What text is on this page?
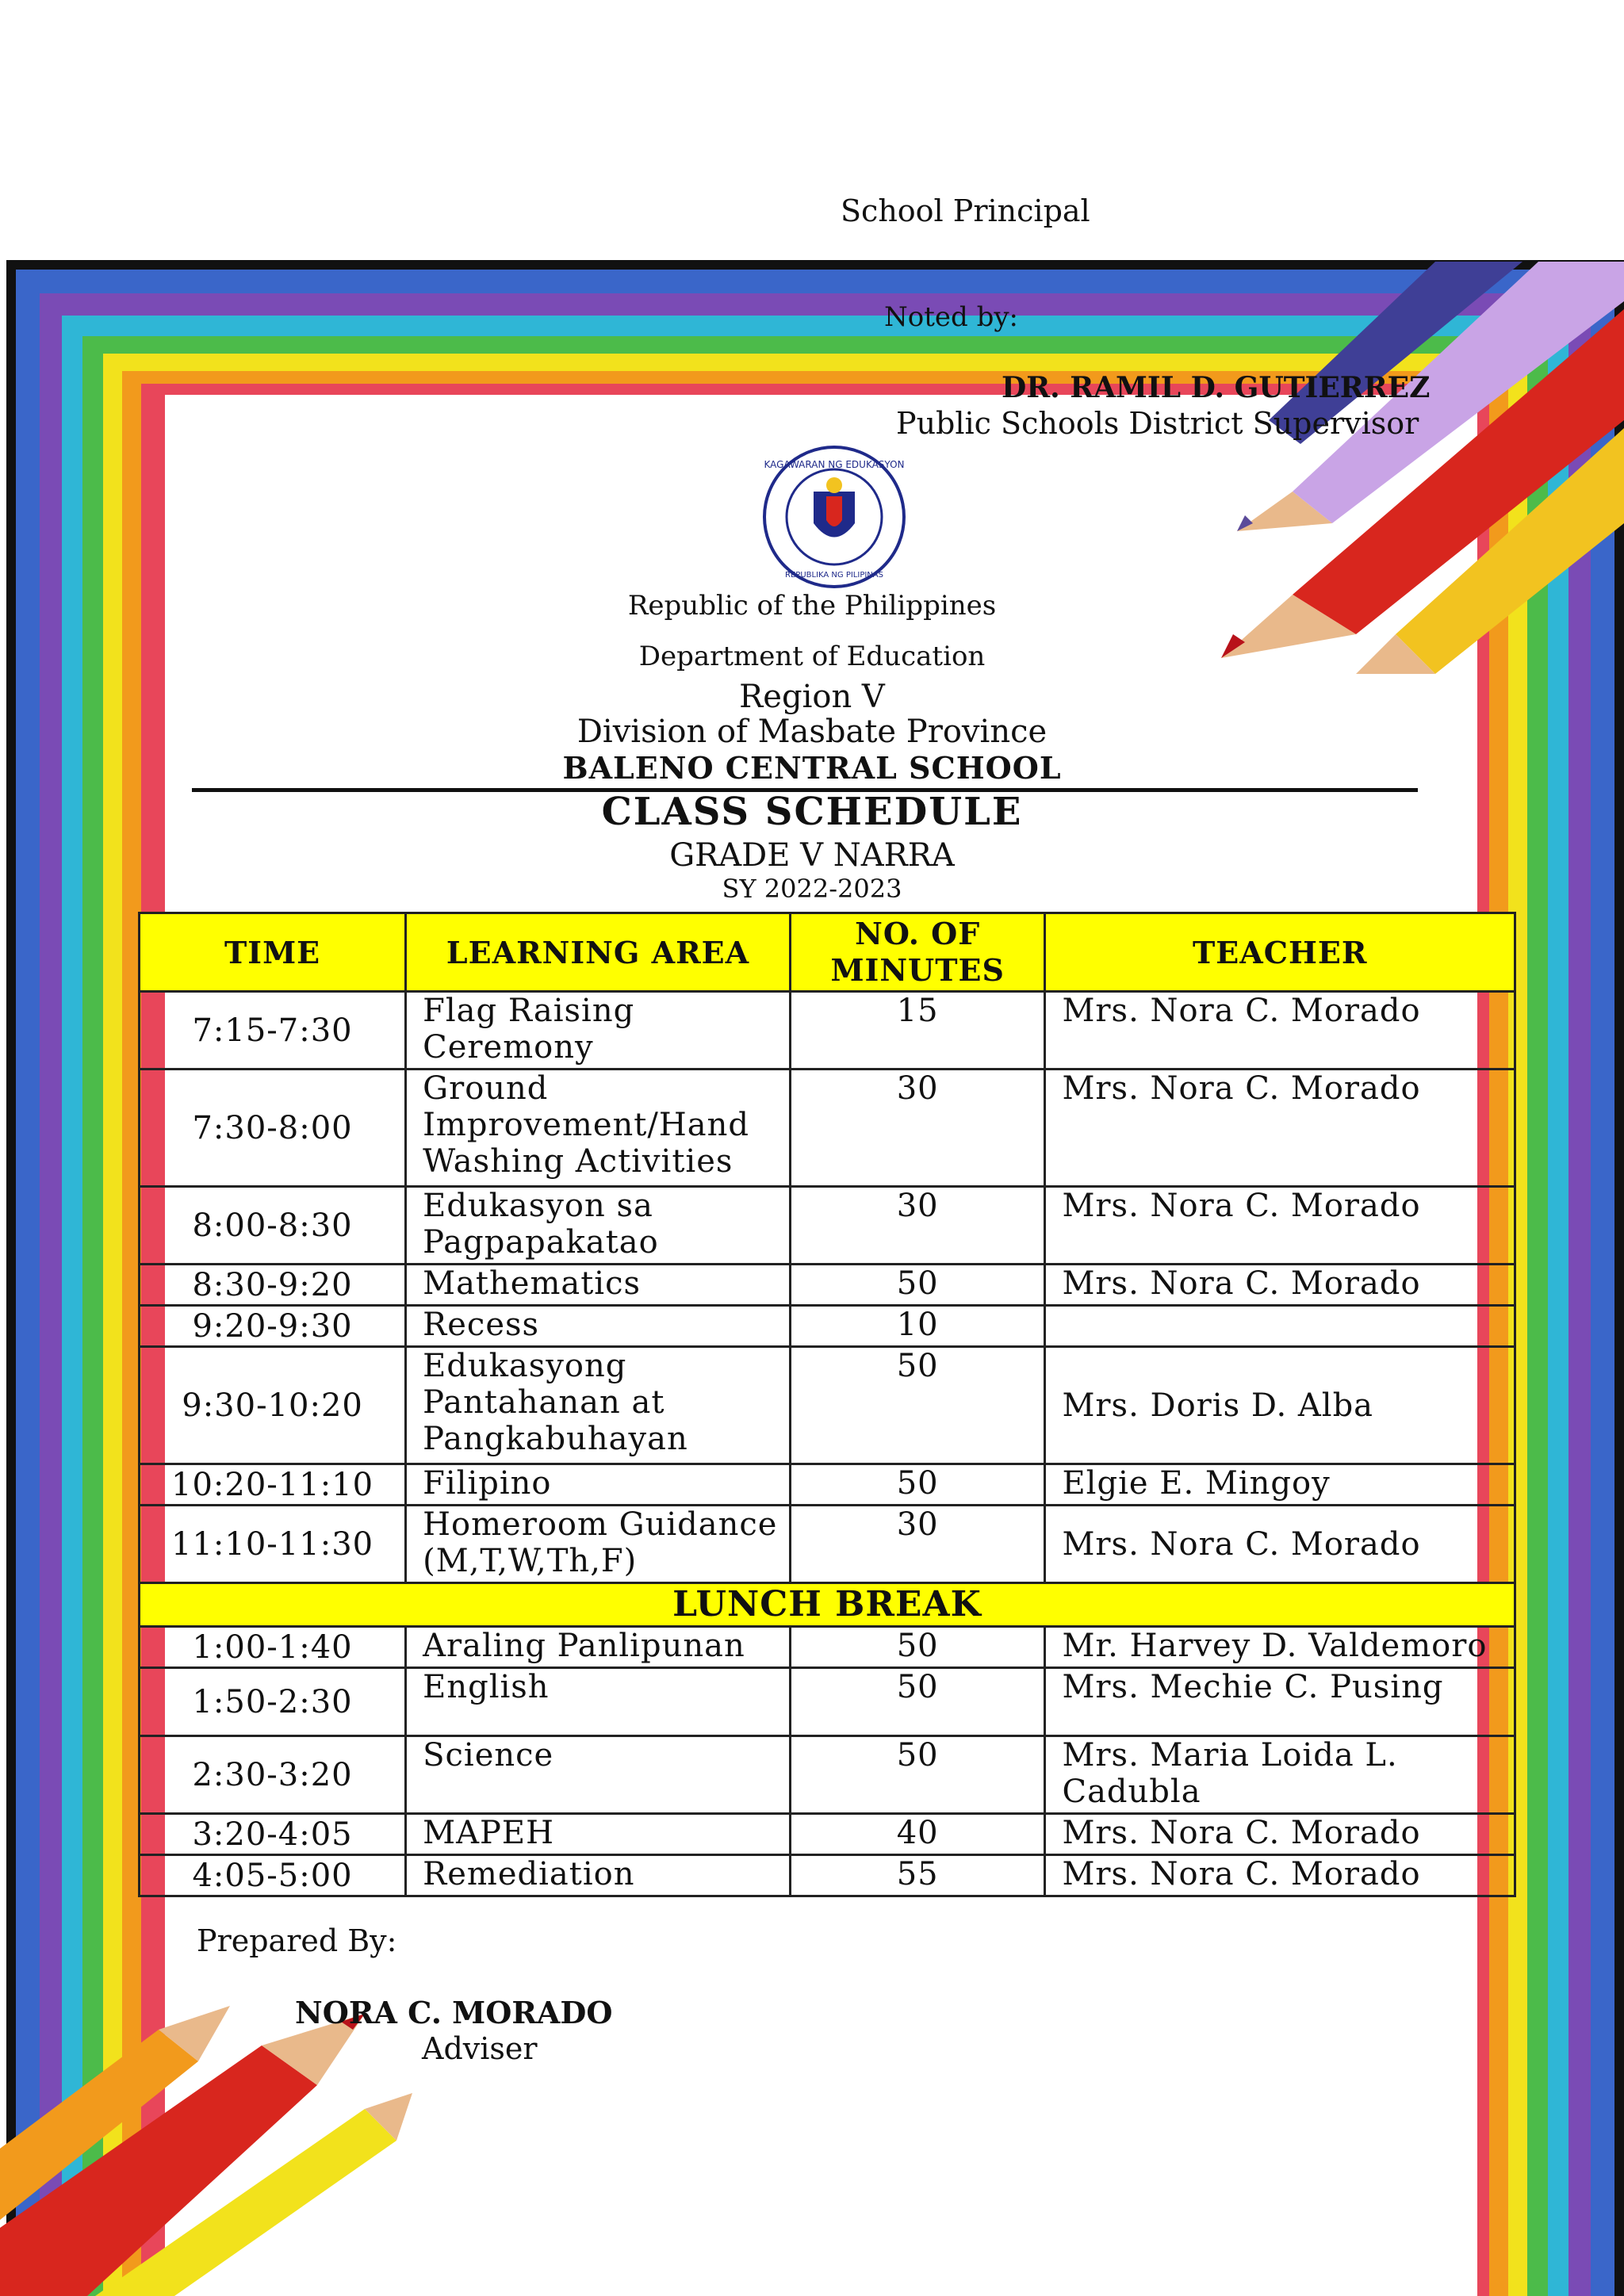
School Principal
Noted by:
DR. RAMIL D. GUTIERREZ
Public Schools District Supervisor
KAGAWARAN NG EDUKASYON
REPUBLIKA NG PILIPINAS
Republic of the Philippines
Department of Education
Region V
Division of Masbate Province
BALENO CENTRAL SCHOOL
CLASS SCHEDULE
GRADE V NARRA
SY 2022-2023
TIME	LEARNING AREA	NO. OF
MINUTES	TEACHER
7:15-7:30	Flag Raising
Ceremony	15	Mrs. Nora C. Morado

7:30-8:00	Ground
Improvement/Hand
Washing Activities	30	Mrs. Nora C. Morado

8:00-8:30	Edukasyon sa
Pagpapakatao	30	Mrs. Nora C. Morado

8:30-9:20	Mathematics	50	Mrs. Nora C. Morado

9:20-9:30	Recess	10	

9:30-10:20	Edukasyong
Pantahanan at
Pangkabuhayan	50	Mrs. Doris D. Alba

10:20-11:10	Filipino	50	Elgie E. Mingoy

11:10-11:30	Homeroom Guidance
(M,T,W,Th,F)	30	Mrs. Nora C. Morado

LUNCH BREAK			
1:00-1:40	Araling Panlipunan	50	Mr. Harvey D. Valdemoro

1:50-2:30	English	50	Mrs. Mechie C. Pusing

2:30-3:20	Science	50	Mrs. Maria Loida L.
Cadubla

3:20-4:05	MAPEH	40	Mrs. Nora C. Morado

4:05-5:00	Remediation	55	Mrs. Nora C. Morado
Prepared By:
NORA C. MORADO
Adviser
